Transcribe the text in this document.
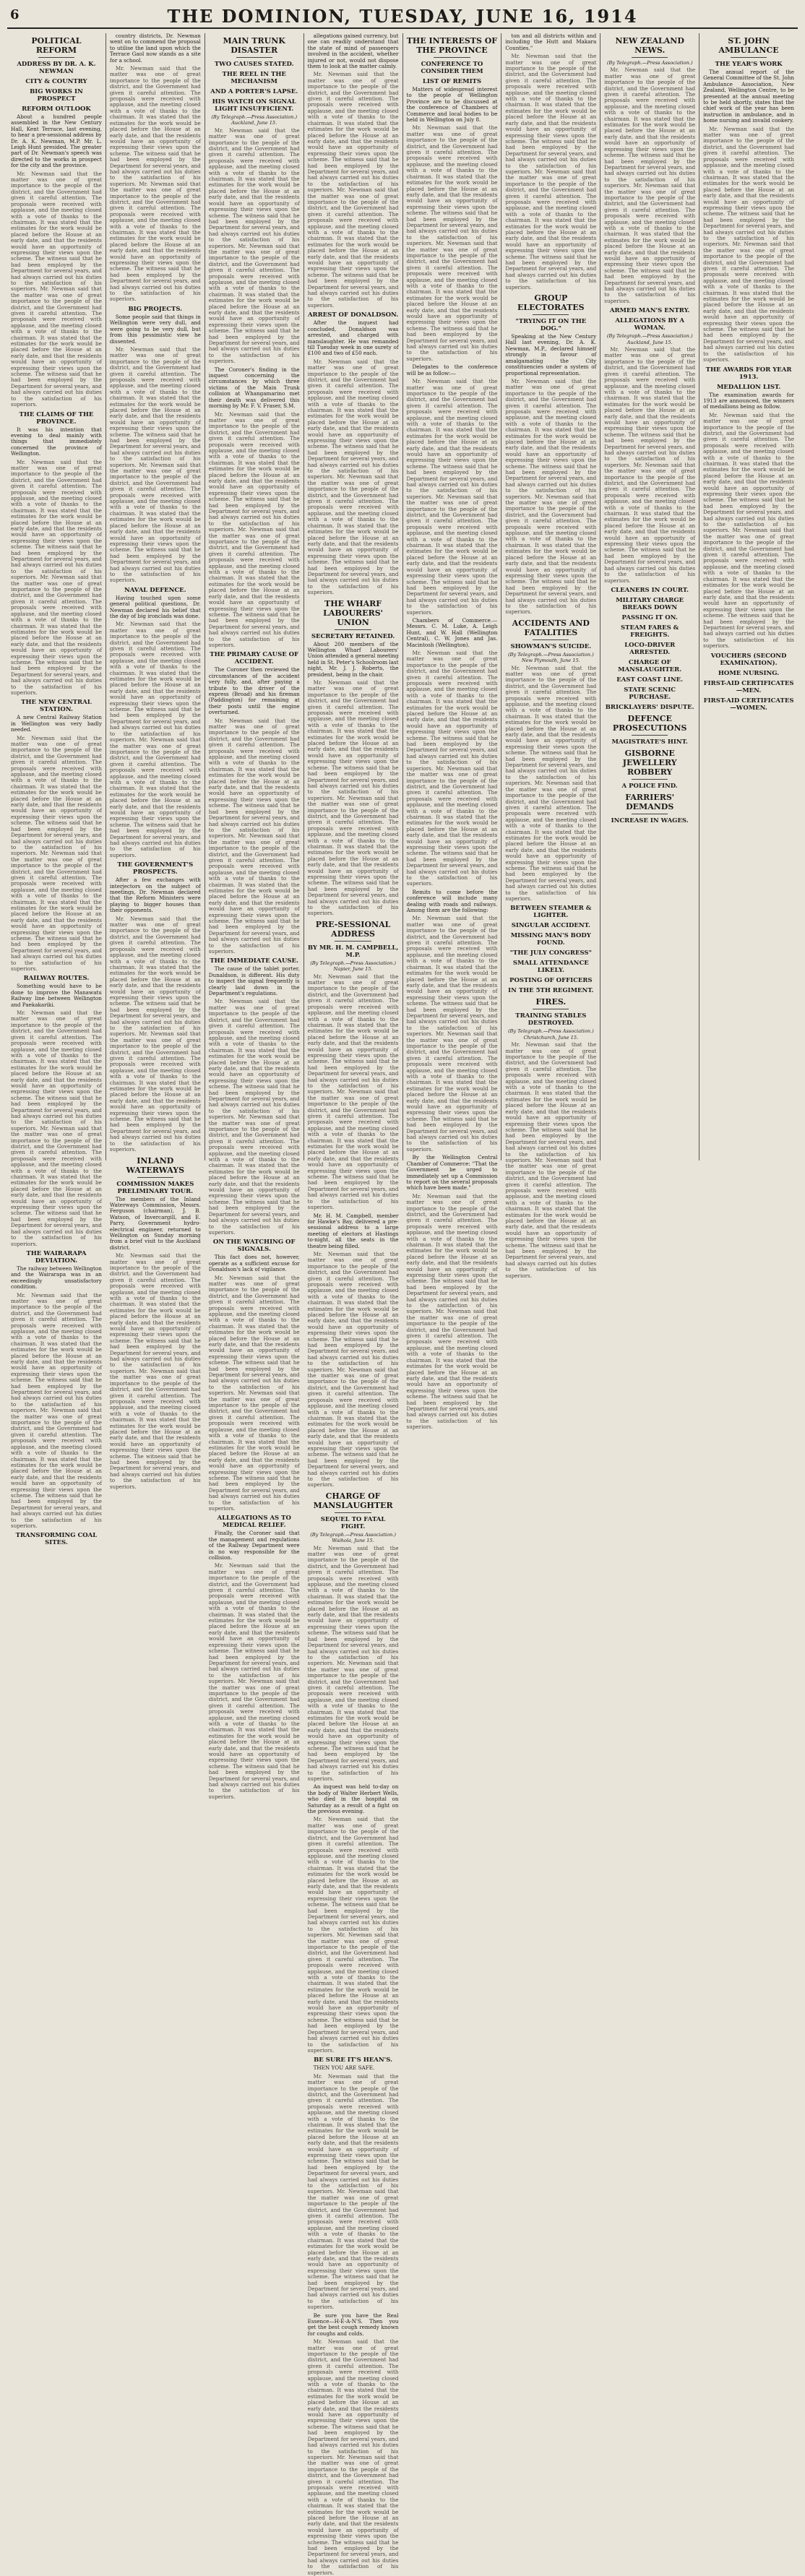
6	THE DOMINION, TUESDAY, JUNE 16, 1914
POLITICAL REFORM
ADDRESS BY DR. A. K. NEWMAN
CITY & COUNTRY
BIG WORKS IN PROSPECT
REFORM OUTLOOK

About a hundred people assembled in the New Century Hall, Kent Terrace, last evening, to hear a pre-sessional address by Dr. A. K. Newman, M.P. Mr. L. Leigh Hunt presided. The greater part of Dr. Newman's speech was directed to the works in prospect for the city and the province.

Mr. Newman said that the matter was one of great importance to the people of the district, and the Government had given it careful attention. The proposals were received with applause, and the meeting closed with a vote of thanks to the chairman. It was stated that the estimates for the work would be placed before the House at an early date, and that the residents would have an opportunity of expressing their views upon the scheme. The witness said that he had been employed by the Department for several years, and had always carried out his duties to the satisfaction of his superiors. Mr. Newman said that the matter was one of great importance to the people of the district, and the Government had given it careful attention. The proposals were received with applause, and the meeting closed with a vote of thanks to the chairman. It was stated that the estimates for the work would be placed before the House at an early date, and that the residents would have an opportunity of expressing their views upon the scheme. The witness said that he had been employed by the Department for several years, and had always carried out his duties to the satisfaction of his superiors.

THE CLAIMS OF THE PROVINCE.

It was his intention that evening to deal mainly with things that immediately concerned the province of Wellington.

Mr. Newman said that the matter was one of great importance to the people of the district, and the Government had given it careful attention. The proposals were received with applause, and the meeting closed with a vote of thanks to the chairman. It was stated that the estimates for the work would be placed before the House at an early date, and that the residents would have an opportunity of expressing their views upon the scheme. The witness said that he had been employed by the Department for several years, and had always carried out his duties to the satisfaction of his superiors. Mr. Newman said that the matter was one of great importance to the people of the district, and the Government had given it careful attention. The proposals were received with applause, and the meeting closed with a vote of thanks to the chairman. It was stated that the estimates for the work would be placed before the House at an early date, and that the residents would have an opportunity of expressing their views upon the scheme. The witness said that he had been employed by the Department for several years, and had always carried out his duties to the satisfaction of his superiors.

THE NEW CENTRAL STATION.

A new Central Railway Station in Wellington was very badly needed.

Mr. Newman said that the matter was one of great importance to the people of the district, and the Government had given it careful attention. The proposals were received with applause, and the meeting closed with a vote of thanks to the chairman. It was stated that the estimates for the work would be placed before the House at an early date, and that the residents would have an opportunity of expressing their views upon the scheme. The witness said that he had been employed by the Department for several years, and had always carried out his duties to the satisfaction of his superiors. Mr. Newman said that the matter was one of great importance to the people of the district, and the Government had given it careful attention. The proposals were received with applause, and the meeting closed with a vote of thanks to the chairman. It was stated that the estimates for the work would be placed before the House at an early date, and that the residents would have an opportunity of expressing their views upon the scheme. The witness said that he had been employed by the Department for several years, and had always carried out his duties to the satisfaction of his superiors.

RAILWAY ROUTES.

Something would have to be done to improve the Manawatu Railway line between Wellington and Paekakariki.

Mr. Newman said that the matter was one of great importance to the people of the district, and the Government had given it careful attention. The proposals were received with applause, and the meeting closed with a vote of thanks to the chairman. It was stated that the estimates for the work would be placed before the House at an early date, and that the residents would have an opportunity of expressing their views upon the scheme. The witness said that he had been employed by the Department for several years, and had always carried out his duties to the satisfaction of his superiors. Mr. Newman said that the matter was one of great importance to the people of the district, and the Government had given it careful attention. The proposals were received with applause, and the meeting closed with a vote of thanks to the chairman. It was stated that the estimates for the work would be placed before the House at an early date, and that the residents would have an opportunity of expressing their views upon the scheme. The witness said that he had been employed by the Department for several years, and had always carried out his duties to the satisfaction of his superiors.

THE WAIRARAPA DEVIATION.

The railway between Wellington and the Wairarapa was in an exceedingly unsatisfactory condition.

Mr. Newman said that the matter was one of great importance to the people of the district, and the Government had given it careful attention. The proposals were received with applause, and the meeting closed with a vote of thanks to the chairman. It was stated that the estimates for the work would be placed before the House at an early date, and that the residents would have an opportunity of expressing their views upon the scheme. The witness said that he had been employed by the Department for several years, and had always carried out his duties to the satisfaction of his superiors. Mr. Newman said that the matter was one of great importance to the people of the district, and the Government had given it careful attention. The proposals were received with applause, and the meeting closed with a vote of thanks to the chairman. It was stated that the estimates for the work would be placed before the House at an early date, and that the residents would have an opportunity of expressing their views upon the scheme. The witness said that he had been employed by the Department for several years, and had always carried out his duties to the satisfaction of his superiors.

TRANSFORMING COAL SITES.

country districts, Dr. Newman went on to commend the proposal to utilise the land upon which the Terrace Gaol now stands as a site for a school.

Mr. Newman said that the matter was one of great importance to the people of the district, and the Government had given it careful attention. The proposals were received with applause, and the meeting closed with a vote of thanks to the chairman. It was stated that the estimates for the work would be placed before the House at an early date, and that the residents would have an opportunity of expressing their views upon the scheme. The witness said that he had been employed by the Department for several years, and had always carried out his duties to the satisfaction of his superiors. Mr. Newman said that the matter was one of great importance to the people of the district, and the Government had given it careful attention. The proposals were received with applause, and the meeting closed with a vote of thanks to the chairman. It was stated that the estimates for the work would be placed before the House at an early date, and that the residents would have an opportunity of expressing their views upon the scheme. The witness said that he had been employed by the Department for several years, and had always carried out his duties to the satisfaction of his superiors.

BIG PROJECTS.

Some people said that things in Wellington were very dull, and were going to be very dull, but from this pessimistic view he dissented.

Mr. Newman said that the matter was one of great importance to the people of the district, and the Government had given it careful attention. The proposals were received with applause, and the meeting closed with a vote of thanks to the chairman. It was stated that the estimates for the work would be placed before the House at an early date, and that the residents would have an opportunity of expressing their views upon the scheme. The witness said that he had been employed by the Department for several years, and had always carried out his duties to the satisfaction of his superiors. Mr. Newman said that the matter was one of great importance to the people of the district, and the Government had given it careful attention. The proposals were received with applause, and the meeting closed with a vote of thanks to the chairman. It was stated that the estimates for the work would be placed before the House at an early date, and that the residents would have an opportunity of expressing their views upon the scheme. The witness said that he had been employed by the Department for several years, and had always carried out his duties to the satisfaction of his superiors.

NAVAL DEFENCE.

Having touched upon some general political questions, Dr. Newman declared his belief that the day of big ironclads was done.

Mr. Newman said that the matter was one of great importance to the people of the district, and the Government had given it careful attention. The proposals were received with applause, and the meeting closed with a vote of thanks to the chairman. It was stated that the estimates for the work would be placed before the House at an early date, and that the residents would have an opportunity of expressing their views upon the scheme. The witness said that he had been employed by the Department for several years, and had always carried out his duties to the satisfaction of his superiors. Mr. Newman said that the matter was one of great importance to the people of the district, and the Government had given it careful attention. The proposals were received with applause, and the meeting closed with a vote of thanks to the chairman. It was stated that the estimates for the work would be placed before the House at an early date, and that the residents would have an opportunity of expressing their views upon the scheme. The witness said that he had been employed by the Department for several years, and had always carried out his duties to the satisfaction of his superiors.

THE GOVERNMENT'S PROSPECTS.

After a few exchanges with interjectors on the subject of meetings, Dr. Newman declared that the Reform Ministers were playing to bigger houses than their opponents.

Mr. Newman said that the matter was one of great importance to the people of the district, and the Government had given it careful attention. The proposals were received with applause, and the meeting closed with a vote of thanks to the chairman. It was stated that the estimates for the work would be placed before the House at an early date, and that the residents would have an opportunity of expressing their views upon the scheme. The witness said that he had been employed by the Department for several years, and had always carried out his duties to the satisfaction of his superiors. Mr. Newman said that the matter was one of great importance to the people of the district, and the Government had given it careful attention. The proposals were received with applause, and the meeting closed with a vote of thanks to the chairman. It was stated that the estimates for the work would be placed before the House at an early date, and that the residents would have an opportunity of expressing their views upon the scheme. The witness said that he had been employed by the Department for several years, and had always carried out his duties to the satisfaction of his superiors.

INLAND WATERWAYS
COMMISSION MAKES PRELIMINARY TOUR.

The members of the Inland Waterways Commission, Messrs. Ferguson (chairman), J. B. Watson, of Invercargill, and E. Parry, Government hydro-electrical engineer, returned to Wellington on Sunday morning from a brief visit to the Auckland district.

Mr. Newman said that the matter was one of great importance to the people of the district, and the Government had given it careful attention. The proposals were received with applause, and the meeting closed with a vote of thanks to the chairman. It was stated that the estimates for the work would be placed before the House at an early date, and that the residents would have an opportunity of expressing their views upon the scheme. The witness said that he had been employed by the Department for several years, and had always carried out his duties to the satisfaction of his superiors. Mr. Newman said that the matter was one of great importance to the people of the district, and the Government had given it careful attention. The proposals were received with applause, and the meeting closed with a vote of thanks to the chairman. It was stated that the estimates for the work would be placed before the House at an early date, and that the residents would have an opportunity of expressing their views upon the scheme. The witness said that he had been employed by the Department for several years, and had always carried out his duties to the satisfaction of his superiors.

MAIN TRUNK DISASTER
TWO CAUSES STATED.
THE REEL IN THE MECHANISM
AND A PORTER'S LAPSE.
HIS WATCH ON SIGNAL LIGHT INSUFFICIENT.
(By Telegraph.—Press Association.) Auckland, June 15.

Mr. Newman said that the matter was one of great importance to the people of the district, and the Government had given it careful attention. The proposals were received with applause, and the meeting closed with a vote of thanks to the chairman. It was stated that the estimates for the work would be placed before the House at an early date, and that the residents would have an opportunity of expressing their views upon the scheme. The witness said that he had been employed by the Department for several years, and had always carried out his duties to the satisfaction of his superiors. Mr. Newman said that the matter was one of great importance to the people of the district, and the Government had given it careful attention. The proposals were received with applause, and the meeting closed with a vote of thanks to the chairman. It was stated that the estimates for the work would be placed before the House at an early date, and that the residents would have an opportunity of expressing their views upon the scheme. The witness said that he had been employed by the Department for several years, and had always carried out his duties to the satisfaction of his superiors.

The Coroner's finding in the inquest concerning the circumstances by which three victims of the Main Trunk collision at Whangamarino met their death was delivered this morning by Mr. F. V. Fraser, S.M.

Mr. Newman said that the matter was one of great importance to the people of the district, and the Government had given it careful attention. The proposals were received with applause, and the meeting closed with a vote of thanks to the chairman. It was stated that the estimates for the work would be placed before the House at an early date, and that the residents would have an opportunity of expressing their views upon the scheme. The witness said that he had been employed by the Department for several years, and had always carried out his duties to the satisfaction of his superiors. Mr. Newman said that the matter was one of great importance to the people of the district, and the Government had given it careful attention. The proposals were received with applause, and the meeting closed with a vote of thanks to the chairman. It was stated that the estimates for the work would be placed before the House at an early date, and that the residents would have an opportunity of expressing their views upon the scheme. The witness said that he had been employed by the Department for several years, and had always carried out his duties to the satisfaction of his superiors.

THE PRIMARY CAUSE OF ACCIDENT.

The Coroner then reviewed the circumstances of the accident very fully, and, after paying a tribute to the driver of the express (Broad) and his fireman (Paddington) for remaining at their posts until the engine overturned.

Mr. Newman said that the matter was one of great importance to the people of the district, and the Government had given it careful attention. The proposals were received with applause, and the meeting closed with a vote of thanks to the chairman. It was stated that the estimates for the work would be placed before the House at an early date, and that the residents would have an opportunity of expressing their views upon the scheme. The witness said that he had been employed by the Department for several years, and had always carried out his duties to the satisfaction of his superiors. Mr. Newman said that the matter was one of great importance to the people of the district, and the Government had given it careful attention. The proposals were received with applause, and the meeting closed with a vote of thanks to the chairman. It was stated that the estimates for the work would be placed before the House at an early date, and that the residents would have an opportunity of expressing their views upon the scheme. The witness said that he had been employed by the Department for several years, and had always carried out his duties to the satisfaction of his superiors.

THE IMMEDIATE CAUSE.

The cause of the tablet porter, Dunaldson, is different. His duty to inspect the signal frequently is clearly laid down in the Department's regulations.

Mr. Newman said that the matter was one of great importance to the people of the district, and the Government had given it careful attention. The proposals were received with applause, and the meeting closed with a vote of thanks to the chairman. It was stated that the estimates for the work would be placed before the House at an early date, and that the residents would have an opportunity of expressing their views upon the scheme. The witness said that he had been employed by the Department for several years, and had always carried out his duties to the satisfaction of his superiors. Mr. Newman said that the matter was one of great importance to the people of the district, and the Government had given it careful attention. The proposals were received with applause, and the meeting closed with a vote of thanks to the chairman. It was stated that the estimates for the work would be placed before the House at an early date, and that the residents would have an opportunity of expressing their views upon the scheme. The witness said that he had been employed by the Department for several years, and had always carried out his duties to the satisfaction of his superiors.

ON THE WATCHING OF SIGNALS.

This fact does not, however, operate as a sufficient excuse for Donaldson's lack of vigilance.

Mr. Newman said that the matter was one of great importance to the people of the district, and the Government had given it careful attention. The proposals were received with applause, and the meeting closed with a vote of thanks to the chairman. It was stated that the estimates for the work would be placed before the House at an early date, and that the residents would have an opportunity of expressing their views upon the scheme. The witness said that he had been employed by the Department for several years, and had always carried out his duties to the satisfaction of his superiors. Mr. Newman said that the matter was one of great importance to the people of the district, and the Government had given it careful attention. The proposals were received with applause, and the meeting closed with a vote of thanks to the chairman. It was stated that the estimates for the work would be placed before the House at an early date, and that the residents would have an opportunity of expressing their views upon the scheme. The witness said that he had been employed by the Department for several years, and had always carried out his duties to the satisfaction of his superiors.

ALLEGATIONS AS TO MEDICAL RELIEF.

Finally, the Coroner said that the management and regulations of the Railway Department were in no way responsible for the collision.

Mr. Newman said that the matter was one of great importance to the people of the district, and the Government had given it careful attention. The proposals were received with applause, and the meeting closed with a vote of thanks to the chairman. It was stated that the estimates for the work would be placed before the House at an early date, and that the residents would have an opportunity of expressing their views upon the scheme. The witness said that he had been employed by the Department for several years, and had always carried out his duties to the satisfaction of his superiors. Mr. Newman said that the matter was one of great importance to the people of the district, and the Government had given it careful attention. The proposals were received with applause, and the meeting closed with a vote of thanks to the chairman. It was stated that the estimates for the work would be placed before the House at an early date, and that the residents would have an opportunity of expressing their views upon the scheme. The witness said that he had been employed by the Department for several years, and had always carried out his duties to the satisfaction of his superiors.

allegations gained currency, but one can readily understand that the state of mind of passengers involved in the accident, whether injured or not, would not dispose them to look at the matter calmly.

Mr. Newman said that the matter was one of great importance to the people of the district, and the Government had given it careful attention. The proposals were received with applause, and the meeting closed with a vote of thanks to the chairman. It was stated that the estimates for the work would be placed before the House at an early date, and that the residents would have an opportunity of expressing their views upon the scheme. The witness said that he had been employed by the Department for several years, and had always carried out his duties to the satisfaction of his superiors. Mr. Newman said that the matter was one of great importance to the people of the district, and the Government had given it careful attention. The proposals were received with applause, and the meeting closed with a vote of thanks to the chairman. It was stated that the estimates for the work would be placed before the House at an early date, and that the residents would have an opportunity of expressing their views upon the scheme. The witness said that he had been employed by the Department for several years, and had always carried out his duties to the satisfaction of his superiors.

ARREST OF DONALDSON.

After the inquest had concluded, Donaldson was arrested, and charged with manslaughter. He was remanded till Tuesday week in one surety of £100 and two of £50 each.

Mr. Newman said that the matter was one of great importance to the people of the district, and the Government had given it careful attention. The proposals were received with applause, and the meeting closed with a vote of thanks to the chairman. It was stated that the estimates for the work would be placed before the House at an early date, and that the residents would have an opportunity of expressing their views upon the scheme. The witness said that he had been employed by the Department for several years, and had always carried out his duties to the satisfaction of his superiors. Mr. Newman said that the matter was one of great importance to the people of the district, and the Government had given it careful attention. The proposals were received with applause, and the meeting closed with a vote of thanks to the chairman. It was stated that the estimates for the work would be placed before the House at an early date, and that the residents would have an opportunity of expressing their views upon the scheme. The witness said that he had been employed by the Department for several years, and had always carried out his duties to the satisfaction of his superiors.

THE WHARF LABOURERS' UNION
SECRETARY RETAINED.

About 200 members of the Wellington Wharf Labourers' Union attended a general meeting held in St. Peter's Schoolroom last night, Mr. J. J. Roberts, the president, being in the chair.

Mr. Newman said that the matter was one of great importance to the people of the district, and the Government had given it careful attention. The proposals were received with applause, and the meeting closed with a vote of thanks to the chairman. It was stated that the estimates for the work would be placed before the House at an early date, and that the residents would have an opportunity of expressing their views upon the scheme. The witness said that he had been employed by the Department for several years, and had always carried out his duties to the satisfaction of his superiors. Mr. Newman said that the matter was one of great importance to the people of the district, and the Government had given it careful attention. The proposals were received with applause, and the meeting closed with a vote of thanks to the chairman. It was stated that the estimates for the work would be placed before the House at an early date, and that the residents would have an opportunity of expressing their views upon the scheme. The witness said that he had been employed by the Department for several years, and had always carried out his duties to the satisfaction of his superiors.

PRE-SESSIONAL ADDRESS
BY MR. H. M. CAMPBELL, M.P.
(By Telegraph.—Press Association.) Napier, June 15.

Mr. Newman said that the matter was one of great importance to the people of the district, and the Government had given it careful attention. The proposals were received with applause, and the meeting closed with a vote of thanks to the chairman. It was stated that the estimates for the work would be placed before the House at an early date, and that the residents would have an opportunity of expressing their views upon the scheme. The witness said that he had been employed by the Department for several years, and had always carried out his duties to the satisfaction of his superiors. Mr. Newman said that the matter was one of great importance to the people of the district, and the Government had given it careful attention. The proposals were received with applause, and the meeting closed with a vote of thanks to the chairman. It was stated that the estimates for the work would be placed before the House at an early date, and that the residents would have an opportunity of expressing their views upon the scheme. The witness said that he had been employed by the Department for several years, and had always carried out his duties to the satisfaction of his superiors.

Mr. H. M. Campbell, member for Hawke's Bay, delivered a pre-sessional address to a large meeting of electors at Hastings to-night, all the seats in the theatre being filled.

Mr. Newman said that the matter was one of great importance to the people of the district, and the Government had given it careful attention. The proposals were received with applause, and the meeting closed with a vote of thanks to the chairman. It was stated that the estimates for the work would be placed before the House at an early date, and that the residents would have an opportunity of expressing their views upon the scheme. The witness said that he had been employed by the Department for several years, and had always carried out his duties to the satisfaction of his superiors. Mr. Newman said that the matter was one of great importance to the people of the district, and the Government had given it careful attention. The proposals were received with applause, and the meeting closed with a vote of thanks to the chairman. It was stated that the estimates for the work would be placed before the House at an early date, and that the residents would have an opportunity of expressing their views upon the scheme. The witness said that he had been employed by the Department for several years, and had always carried out his duties to the satisfaction of his superiors.

CHARGE OF MANSLAUGHTER
SEQUEL TO FATAL FIGHT.
(By Telegraph.—Press Association.) Waihola, June 15.

Mr. Newman said that the matter was one of great importance to the people of the district, and the Government had given it careful attention. The proposals were received with applause, and the meeting closed with a vote of thanks to the chairman. It was stated that the estimates for the work would be placed before the House at an early date, and that the residents would have an opportunity of expressing their views upon the scheme. The witness said that he had been employed by the Department for several years, and had always carried out his duties to the satisfaction of his superiors. Mr. Newman said that the matter was one of great importance to the people of the district, and the Government had given it careful attention. The proposals were received with applause, and the meeting closed with a vote of thanks to the chairman. It was stated that the estimates for the work would be placed before the House at an early date, and that the residents would have an opportunity of expressing their views upon the scheme. The witness said that he had been employed by the Department for several years, and had always carried out his duties to the satisfaction of his superiors.

An inquest was held to-day on the body of Walter Herbert Wells, who died in the hospital on Saturday as a result of a fight on the previous evening.

Mr. Newman said that the matter was one of great importance to the people of the district, and the Government had given it careful attention. The proposals were received with applause, and the meeting closed with a vote of thanks to the chairman. It was stated that the estimates for the work would be placed before the House at an early date, and that the residents would have an opportunity of expressing their views upon the scheme. The witness said that he had been employed by the Department for several years, and had always carried out his duties to the satisfaction of his superiors. Mr. Newman said that the matter was one of great importance to the people of the district, and the Government had given it careful attention. The proposals were received with applause, and the meeting closed with a vote of thanks to the chairman. It was stated that the estimates for the work would be placed before the House at an early date, and that the residents would have an opportunity of expressing their views upon the scheme. The witness said that he had been employed by the Department for several years, and had always carried out his duties to the satisfaction of his superiors.

BE SURE IT'S HEAN'S.

THEN YOU ARE SAFE.

Mr. Newman said that the matter was one of great importance to the people of the district, and the Government had given it careful attention. The proposals were received with applause, and the meeting closed with a vote of thanks to the chairman. It was stated that the estimates for the work would be placed before the House at an early date, and that the residents would have an opportunity of expressing their views upon the scheme. The witness said that he had been employed by the Department for several years, and had always carried out his duties to the satisfaction of his superiors. Mr. Newman said that the matter was one of great importance to the people of the district, and the Government had given it careful attention. The proposals were received with applause, and the meeting closed with a vote of thanks to the chairman. It was stated that the estimates for the work would be placed before the House at an early date, and that the residents would have an opportunity of expressing their views upon the scheme. The witness said that he had been employed by the Department for several years, and had always carried out his duties to the satisfaction of his superiors.

Be sure you have the Real Essence—H-E-A-N'S. Then you get the best cough remedy known for coughs and colds.

Mr. Newman said that the matter was one of great importance to the people of the district, and the Government had given it careful attention. The proposals were received with applause, and the meeting closed with a vote of thanks to the chairman. It was stated that the estimates for the work would be placed before the House at an early date, and that the residents would have an opportunity of expressing their views upon the scheme. The witness said that he had been employed by the Department for several years, and had always carried out his duties to the satisfaction of his superiors. Mr. Newman said that the matter was one of great importance to the people of the district, and the Government had given it careful attention. The proposals were received with applause, and the meeting closed with a vote of thanks to the chairman. It was stated that the estimates for the work would be placed before the House at an early date, and that the residents would have an opportunity of expressing their views upon the scheme. The witness said that he had been employed by the Department for several years, and had always carried out his duties to the satisfaction of his superiors.

THE INTERESTS OF THE PROVINCE
CONFERENCE TO CONSIDER THEM
LIST OF REMITS

Matters of widespread interest to the people of Wellington Province are to be discussed at the conference of Chambers of Commerce and local bodies to be held in Wellington on July 8.

Mr. Newman said that the matter was one of great importance to the people of the district, and the Government had given it careful attention. The proposals were received with applause, and the meeting closed with a vote of thanks to the chairman. It was stated that the estimates for the work would be placed before the House at an early date, and that the residents would have an opportunity of expressing their views upon the scheme. The witness said that he had been employed by the Department for several years, and had always carried out his duties to the satisfaction of his superiors. Mr. Newman said that the matter was one of great importance to the people of the district, and the Government had given it careful attention. The proposals were received with applause, and the meeting closed with a vote of thanks to the chairman. It was stated that the estimates for the work would be placed before the House at an early date, and that the residents would have an opportunity of expressing their views upon the scheme. The witness said that he had been employed by the Department for several years, and had always carried out his duties to the satisfaction of his superiors.

Delegates to the conference will be as follow:—

Mr. Newman said that the matter was one of great importance to the people of the district, and the Government had given it careful attention. The proposals were received with applause, and the meeting closed with a vote of thanks to the chairman. It was stated that the estimates for the work would be placed before the House at an early date, and that the residents would have an opportunity of expressing their views upon the scheme. The witness said that he had been employed by the Department for several years, and had always carried out his duties to the satisfaction of his superiors. Mr. Newman said that the matter was one of great importance to the people of the district, and the Government had given it careful attention. The proposals were received with applause, and the meeting closed with a vote of thanks to the chairman. It was stated that the estimates for the work would be placed before the House at an early date, and that the residents would have an opportunity of expressing their views upon the scheme. The witness said that he had been employed by the Department for several years, and had always carried out his duties to the satisfaction of his superiors.

Chambers of Commerce.—Messrs. C. M. Luke, A. Leigh Hunt, and W. Hall (Wellington Central), C. W. Jones and Jas. Macintosh (Wellington).

Mr. Newman said that the matter was one of great importance to the people of the district, and the Government had given it careful attention. The proposals were received with applause, and the meeting closed with a vote of thanks to the chairman. It was stated that the estimates for the work would be placed before the House at an early date, and that the residents would have an opportunity of expressing their views upon the scheme. The witness said that he had been employed by the Department for several years, and had always carried out his duties to the satisfaction of his superiors. Mr. Newman said that the matter was one of great importance to the people of the district, and the Government had given it careful attention. The proposals were received with applause, and the meeting closed with a vote of thanks to the chairman. It was stated that the estimates for the work would be placed before the House at an early date, and that the residents would have an opportunity of expressing their views upon the scheme. The witness said that he had been employed by the Department for several years, and had always carried out his duties to the satisfaction of his superiors.

Remits to come before the conference will include many dealing with roads and railways. Among them are the following:

Mr. Newman said that the matter was one of great importance to the people of the district, and the Government had given it careful attention. The proposals were received with applause, and the meeting closed with a vote of thanks to the chairman. It was stated that the estimates for the work would be placed before the House at an early date, and that the residents would have an opportunity of expressing their views upon the scheme. The witness said that he had been employed by the Department for several years, and had always carried out his duties to the satisfaction of his superiors. Mr. Newman said that the matter was one of great importance to the people of the district, and the Government had given it careful attention. The proposals were received with applause, and the meeting closed with a vote of thanks to the chairman. It was stated that the estimates for the work would be placed before the House at an early date, and that the residents would have an opportunity of expressing their views upon the scheme. The witness said that he had been employed by the Department for several years, and had always carried out his duties to the satisfaction of his superiors.

By the Wellington Central Chamber of Commerce: "That the Government be urged to immediately set up a Commission to report on the several proposals which have been made."

Mr. Newman said that the matter was one of great importance to the people of the district, and the Government had given it careful attention. The proposals were received with applause, and the meeting closed with a vote of thanks to the chairman. It was stated that the estimates for the work would be placed before the House at an early date, and that the residents would have an opportunity of expressing their views upon the scheme. The witness said that he had been employed by the Department for several years, and had always carried out his duties to the satisfaction of his superiors. Mr. Newman said that the matter was one of great importance to the people of the district, and the Government had given it careful attention. The proposals were received with applause, and the meeting closed with a vote of thanks to the chairman. It was stated that the estimates for the work would be placed before the House at an early date, and that the residents would have an opportunity of expressing their views upon the scheme. The witness said that he had been employed by the Department for several years, and had always carried out his duties to the satisfaction of his superiors.

ton and all districts within and including the Hutt and Makara Counties."

Mr. Newman said that the matter was one of great importance to the people of the district, and the Government had given it careful attention. The proposals were received with applause, and the meeting closed with a vote of thanks to the chairman. It was stated that the estimates for the work would be placed before the House at an early date, and that the residents would have an opportunity of expressing their views upon the scheme. The witness said that he had been employed by the Department for several years, and had always carried out his duties to the satisfaction of his superiors. Mr. Newman said that the matter was one of great importance to the people of the district, and the Government had given it careful attention. The proposals were received with applause, and the meeting closed with a vote of thanks to the chairman. It was stated that the estimates for the work would be placed before the House at an early date, and that the residents would have an opportunity of expressing their views upon the scheme. The witness said that he had been employed by the Department for several years, and had always carried out his duties to the satisfaction of his superiors.

GROUP ELECTORATES
"TRYING IT ON THE DOG."

Speaking at the New Century Hall last evening, Dr. A. K. Newman, M.P., declared himself strongly in favour of amalgamating the City constituencies under a system of proportional representation.

Mr. Newman said that the matter was one of great importance to the people of the district, and the Government had given it careful attention. The proposals were received with applause, and the meeting closed with a vote of thanks to the chairman. It was stated that the estimates for the work would be placed before the House at an early date, and that the residents would have an opportunity of expressing their views upon the scheme. The witness said that he had been employed by the Department for several years, and had always carried out his duties to the satisfaction of his superiors. Mr. Newman said that the matter was one of great importance to the people of the district, and the Government had given it careful attention. The proposals were received with applause, and the meeting closed with a vote of thanks to the chairman. It was stated that the estimates for the work would be placed before the House at an early date, and that the residents would have an opportunity of expressing their views upon the scheme. The witness said that he had been employed by the Department for several years, and had always carried out his duties to the satisfaction of his superiors.

ACCIDENTS AND FATALITIES
SHOWMAN'S SUICIDE.
(By Telegraph.—Press Association.) New Plymouth, June 15.

Mr. Newman said that the matter was one of great importance to the people of the district, and the Government had given it careful attention. The proposals were received with applause, and the meeting closed with a vote of thanks to the chairman. It was stated that the estimates for the work would be placed before the House at an early date, and that the residents would have an opportunity of expressing their views upon the scheme. The witness said that he had been employed by the Department for several years, and had always carried out his duties to the satisfaction of his superiors. Mr. Newman said that the matter was one of great importance to the people of the district, and the Government had given it careful attention. The proposals were received with applause, and the meeting closed with a vote of thanks to the chairman. It was stated that the estimates for the work would be placed before the House at an early date, and that the residents would have an opportunity of expressing their views upon the scheme. The witness said that he had been employed by the Department for several years, and had always carried out his duties to the satisfaction of his superiors.

BETWEEN STEAMER & LIGHTER.
SINGULAR ACCIDENT.
MISSING MAN'S BODY FOUND.
"THE JULY CONGRESS"
SMALL ATTENDANCE LIKELY.
POSTING OF OFFICERS
IN THE 5TH REGIMENT.
FIRES.
TRAINING STABLES DESTROYED.
(By Telegraph.—Press Association.) Christchurch, June 15.

Mr. Newman said that the matter was one of great importance to the people of the district, and the Government had given it careful attention. The proposals were received with applause, and the meeting closed with a vote of thanks to the chairman. It was stated that the estimates for the work would be placed before the House at an early date, and that the residents would have an opportunity of expressing their views upon the scheme. The witness said that he had been employed by the Department for several years, and had always carried out his duties to the satisfaction of his superiors. Mr. Newman said that the matter was one of great importance to the people of the district, and the Government had given it careful attention. The proposals were received with applause, and the meeting closed with a vote of thanks to the chairman. It was stated that the estimates for the work would be placed before the House at an early date, and that the residents would have an opportunity of expressing their views upon the scheme. The witness said that he had been employed by the Department for several years, and had always carried out his duties to the satisfaction of his superiors.

NEW ZEALAND NEWS.
(By Telegraph.—Press Association.)

Mr. Newman said that the matter was one of great importance to the people of the district, and the Government had given it careful attention. The proposals were received with applause, and the meeting closed with a vote of thanks to the chairman. It was stated that the estimates for the work would be placed before the House at an early date, and that the residents would have an opportunity of expressing their views upon the scheme. The witness said that he had been employed by the Department for several years, and had always carried out his duties to the satisfaction of his superiors. Mr. Newman said that the matter was one of great importance to the people of the district, and the Government had given it careful attention. The proposals were received with applause, and the meeting closed with a vote of thanks to the chairman. It was stated that the estimates for the work would be placed before the House at an early date, and that the residents would have an opportunity of expressing their views upon the scheme. The witness said that he had been employed by the Department for several years, and had always carried out his duties to the satisfaction of his superiors.

ARMED MAN'S ENTRY.
ALLEGATIONS BY A WOMAN.
(By Telegraph.—Press Association.) Auckland, June 15.

Mr. Newman said that the matter was one of great importance to the people of the district, and the Government had given it careful attention. The proposals were received with applause, and the meeting closed with a vote of thanks to the chairman. It was stated that the estimates for the work would be placed before the House at an early date, and that the residents would have an opportunity of expressing their views upon the scheme. The witness said that he had been employed by the Department for several years, and had always carried out his duties to the satisfaction of his superiors. Mr. Newman said that the matter was one of great importance to the people of the district, and the Government had given it careful attention. The proposals were received with applause, and the meeting closed with a vote of thanks to the chairman. It was stated that the estimates for the work would be placed before the House at an early date, and that the residents would have an opportunity of expressing their views upon the scheme. The witness said that he had been employed by the Department for several years, and had always carried out his duties to the satisfaction of his superiors.

CLEANERS IN COURT.
MILITARY CHARGE BREAKS DOWN
PASSING IT ON.
STEAM FARES & FREIGHTS.
LOCO-DRIVER ARRESTED.
CHARGE OF MANSLAUGHTER.
EAST COAST LINE.
STATE SCENIC PURCHASE.
BRICKLAYERS' DISPUTE.
DEFENCE PROSECUTIONS
MAGISTRATE'S HINT.
GISBORNE JEWELLERY ROBBERY
A POLICE FIND.
FARRIERS' DEMANDS
INCREASE IN WAGES.
ST. JOHN AMBULANCE
THE YEAR'S WORK

The annual report of the General Committee of the St. John Ambulance Association, New Zealand, Wellington Centre, to be presented at the annual meeting to be held shortly, states that the chief work of the year has been instruction in ambulance, and in home nursing and invalid cookery.

Mr. Newman said that the matter was one of great importance to the people of the district, and the Government had given it careful attention. The proposals were received with applause, and the meeting closed with a vote of thanks to the chairman. It was stated that the estimates for the work would be placed before the House at an early date, and that the residents would have an opportunity of expressing their views upon the scheme. The witness said that he had been employed by the Department for several years, and had always carried out his duties to the satisfaction of his superiors. Mr. Newman said that the matter was one of great importance to the people of the district, and the Government had given it careful attention. The proposals were received with applause, and the meeting closed with a vote of thanks to the chairman. It was stated that the estimates for the work would be placed before the House at an early date, and that the residents would have an opportunity of expressing their views upon the scheme. The witness said that he had been employed by the Department for several years, and had always carried out his duties to the satisfaction of his superiors.

THE AWARDS FOR YEAR 1913.
MEDALLION LIST.

The examination awards for 1913 are announced, the winners of medallions being as follow.

Mr. Newman said that the matter was one of great importance to the people of the district, and the Government had given it careful attention. The proposals were received with applause, and the meeting closed with a vote of thanks to the chairman. It was stated that the estimates for the work would be placed before the House at an early date, and that the residents would have an opportunity of expressing their views upon the scheme. The witness said that he had been employed by the Department for several years, and had always carried out his duties to the satisfaction of his superiors. Mr. Newman said that the matter was one of great importance to the people of the district, and the Government had given it careful attention. The proposals were received with applause, and the meeting closed with a vote of thanks to the chairman. It was stated that the estimates for the work would be placed before the House at an early date, and that the residents would have an opportunity of expressing their views upon the scheme. The witness said that he had been employed by the Department for several years, and had always carried out his duties to the satisfaction of his superiors.

VOUCHERS (SECOND EXAMINATION).
HOME NURSING.
FIRST-AID CERTIFICATES—MEN.
FIRST-AID CERTIFICATES—WOMEN.
